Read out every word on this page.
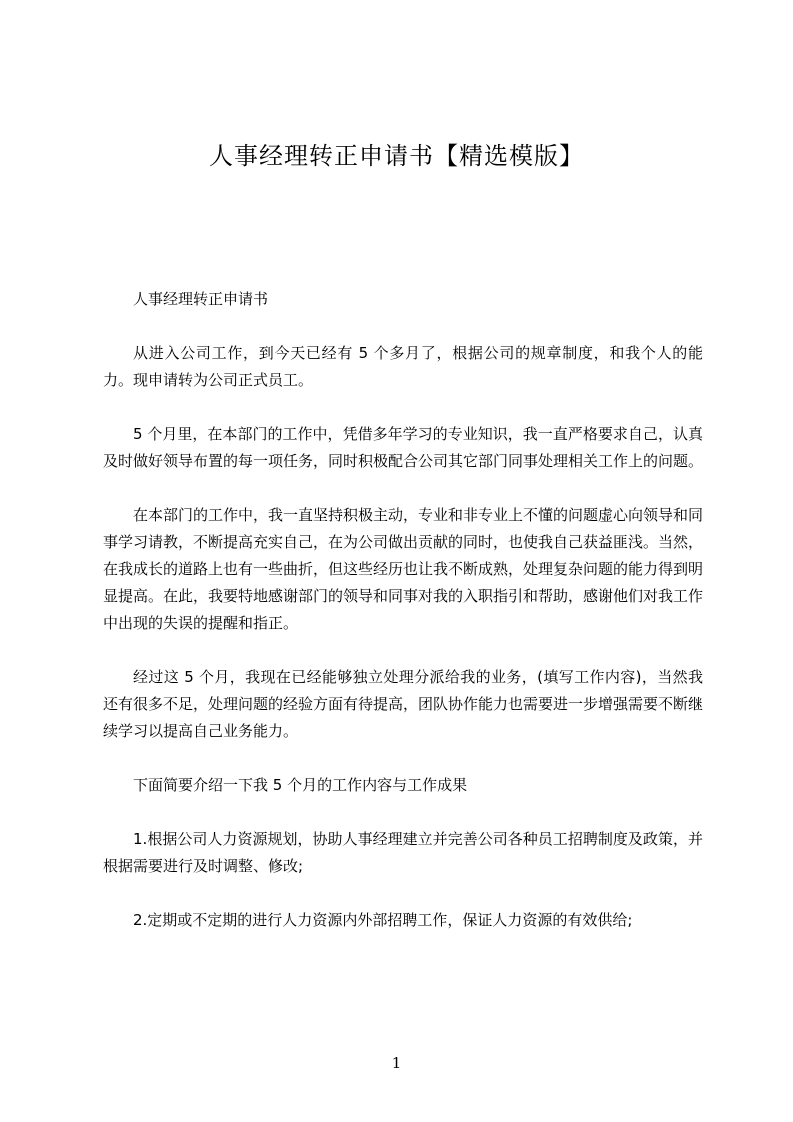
人事经理转正申请书【精选模版】

人事经理转正申请书

从进入公司工作，到今天已经有 5 个多月了，根据公司的规章制度，和我个人的能力。现申请转为公司正式员工。

5 个月里，在本部门的工作中，凭借多年学习的专业知识，我一直严格要求自己，认真及时做好领导布置的每一项任务，同时积极配合公司其它部门同事处理相关工作上的问题。

在本部门的工作中，我一直坚持积极主动，专业和非专业上不懂的问题虚心向领导和同事学习请教，不断提高充实自己，在为公司做出贡献的同时，也使我自己获益匪浅。当然，在我成长的道路上也有一些曲折，但这些经历也让我不断成熟，处理复杂问题的能力得到明显提高。在此，我要特地感谢部门的领导和同事对我的入职指引和帮助，感谢他们对我工作中出现的失误的提醒和指正。

经过这 5 个月，我现在已经能够独立处理分派给我的业务，(填写工作内容)，当然我还有很多不足，处理问题的经验方面有待提高，团队协作能力也需要进一步增强需要不断继续学习以提高自己业务能力。

下面简要介绍一下我 5 个月的工作内容与工作成果

1.根据公司人力资源规划，协助人事经理建立并完善公司各种员工招聘制度及政策，并根据需要进行及时调整、修改;

2.定期或不定期的进行人力资源内外部招聘工作，保证人力资源的有效供给;

1
